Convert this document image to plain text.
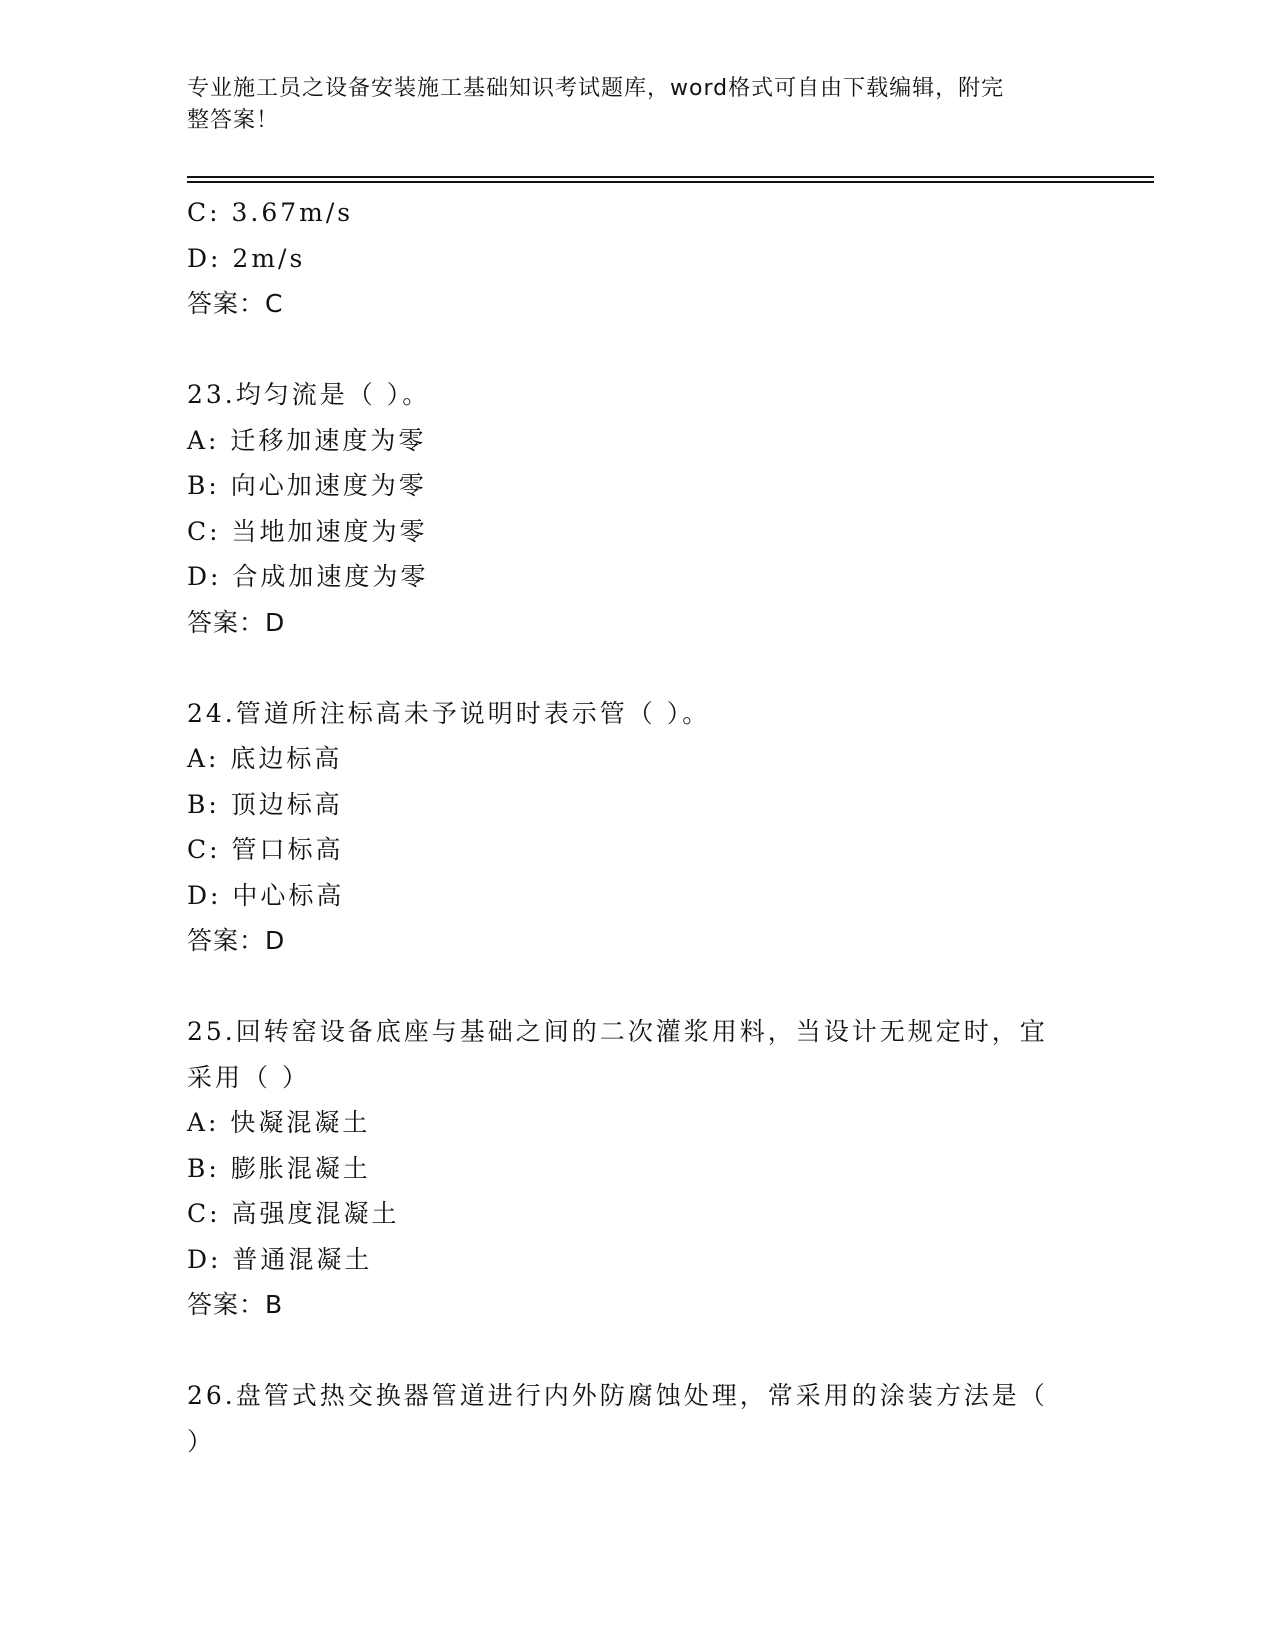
专业施工员之设备安装施工基础知识考试题库，word格式可自由下载编辑，附完
整答案！
C: 3.67m/s
D: 2m/s
答案：C
23.均匀流是（ ）。
A: 迁移加速度为零
B: 向心加速度为零
C: 当地加速度为零
D: 合成加速度为零
答案：D
24.管道所注标高未予说明时表示管（ ）。
A: 底边标高
B: 顶边标高
C: 管口标高
D: 中心标高
答案：D
25.回转窑设备底座与基础之间的二次灌浆用料，当设计无规定时，宜
采用（ ）
A: 快凝混凝土
B: 膨胀混凝土
C: 高强度混凝土
D: 普通混凝土
答案：B
26.盘管式热交换器管道进行内外防腐蚀处理，常采用的涂装方法是（
）
